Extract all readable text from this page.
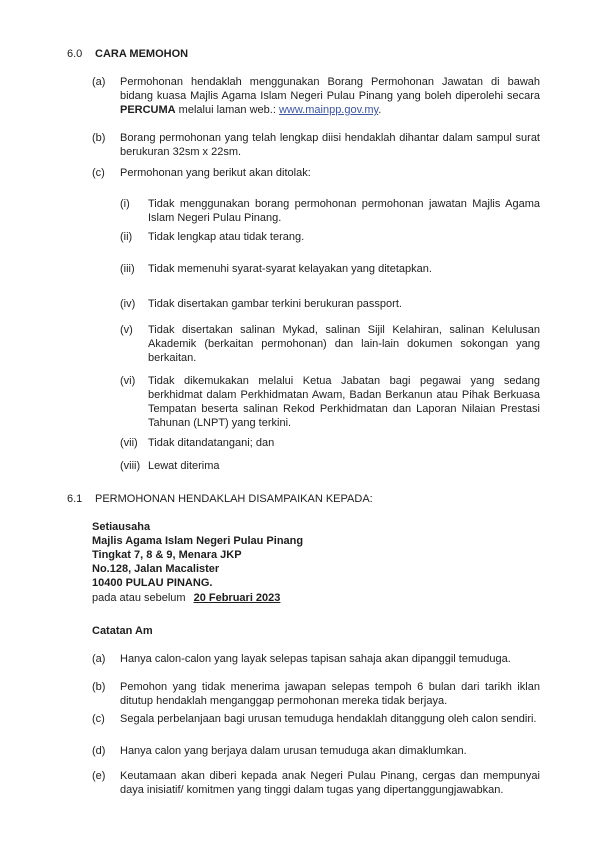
6.0	CARA MEMOHON
(a)	Permohonan hendaklah menggunakan Borang Permohonan Jawatan di bawah bidang kuasa Majlis Agama Islam Negeri Pulau Pinang yang boleh diperolehi secara PERCUMA melalui laman web.: www.mainpp.gov.my.
(b)	Borang permohonan yang telah lengkap diisi hendaklah dihantar dalam sampul surat berukuran 32sm x 22sm.
(c)	Permohonan yang berikut akan ditolak:
(i)	Tidak menggunakan borang permohonan permohonan jawatan Majlis Agama Islam Negeri Pulau Pinang.
(ii)	Tidak lengkap atau tidak terang.
(iii)	Tidak memenuhi syarat-syarat kelayakan yang ditetapkan.
(iv)	Tidak disertakan gambar terkini berukuran passport.
(v)	Tidak disertakan salinan Mykad, salinan Sijil Kelahiran, salinan Kelulusan Akademik (berkaitan permohonan) dan lain-lain dokumen sokongan yang berkaitan.
(vi)	Tidak dikemukakan melalui Ketua Jabatan bagi pegawai yang sedang berkhidmat dalam Perkhidmatan Awam, Badan Berkanun atau Pihak Berkuasa Tempatan beserta salinan Rekod Perkhidmatan dan Laporan Nilaian Prestasi Tahunan (LNPT) yang terkini.
(vii) Tidak ditandatangani; dan
(viii) Lewat diterima
6.1	PERMOHONAN HENDAKLAH DISAMPAIKAN KEPADA:
Setiausaha
Majlis Agama Islam Negeri Pulau Pinang
Tingkat 7, 8 & 9, Menara JKP
No.128, Jalan Macalister
10400 PULAU PINANG.
pada atau sebelum 20 Februari 2023
Catatan Am
(a)	Hanya calon-calon yang layak selepas tapisan sahaja akan dipanggil temuduga.
(b)	Pemohon yang tidak menerima jawapan selepas tempoh 6 bulan dari tarikh iklan ditutup hendaklah menganggap permohonan mereka tidak berjaya.
(c)	Segala perbelanjaan bagi urusan temuduga hendaklah ditanggung oleh calon sendiri.
(d)	Hanya calon yang berjaya dalam urusan temuduga akan dimaklumkan.
(e)	Keutamaan akan diberi kepada anak Negeri Pulau Pinang, cergas dan mempunyai daya inisiatif/ komitmen yang tinggi dalam tugas yang dipertanggungjawabkan.
